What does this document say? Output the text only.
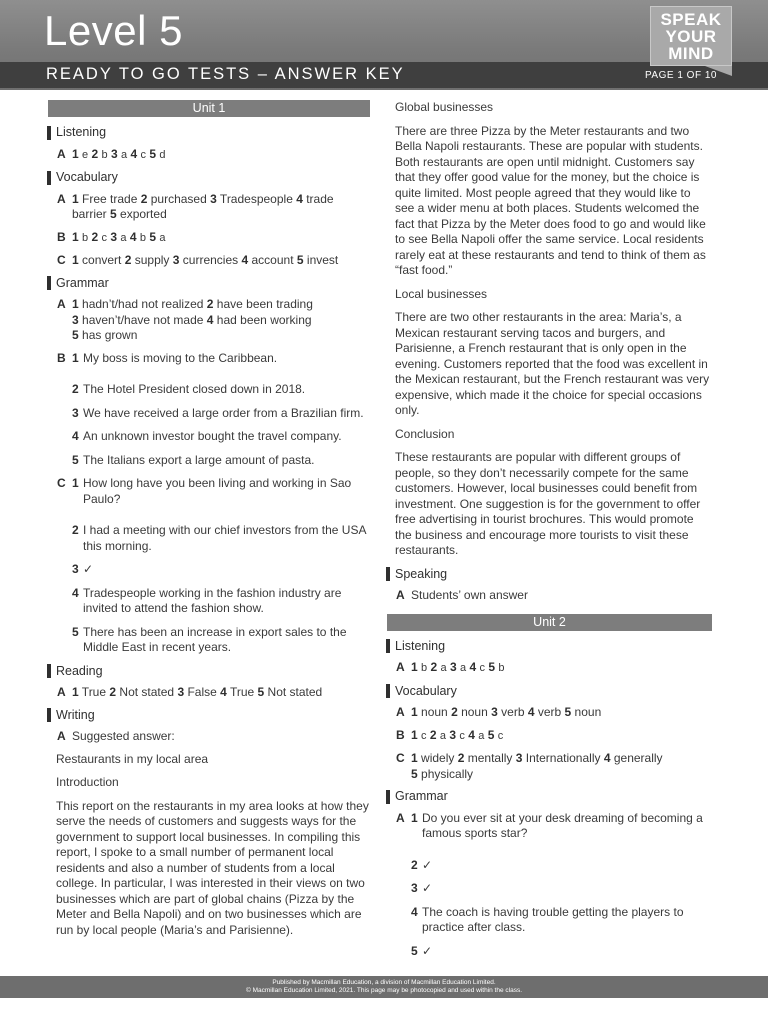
Level 5
READY TO GO TESTS – ANSWER KEY	PAGE 1 OF 10
SPEAK
YOUR
MIND
Unit 1
Listening
A 1 e 2 b 3 a 4 c 5 d
Vocabulary
A 1 Free trade 2 purchased 3 Tradespeople 4 trade
barrier 5 exported
B 1 b 2 c 3 a 4 b 5 a
C 1 convert 2 supply 3 currencies 4 account 5 invest
Grammar
A 1 hadn’t/had not realized 2 have been trading
3 haven’t/have not made 4 had been working
5 has grown
B 1 My boss is moving to the Caribbean.
2 The Hotel President closed down in 2018.
3 We have received a large order from a Brazilian firm.
4 An unknown investor bought the travel company.
5 The Italians export a large amount of pasta.
C 1 How long have you been living and working in Sao Paulo?
2 I had a meeting with our chief investors from the USA this morning.
3 ✓
4 Tradespeople working in the fashion industry are invited to attend the fashion show.
5 There has been an increase in export sales to the Middle East in recent years.
Reading
A 1 True 2 Not stated 3 False 4 True 5 Not stated
Writing
A Suggested answer:
Restaurants in my local area
Introduction
This report on the restaurants in my area looks at how they serve the needs of customers and suggests ways for the government to support local businesses. In compiling this report, I spoke to a small number of permanent local residents and also a number of students from a local college. In particular, I was interested in their views on two businesses which are part of global chains (Pizza by the Meter and Bella Napoli) and on two businesses which are run by local people (Maria’s and Parisienne).
Global businesses
There are three Pizza by the Meter restaurants and two Bella Napoli restaurants. These are popular with students. Both restaurants are open until midnight. Customers say that they offer good value for the money, but the choice is quite limited. Most people agreed that they would like to see a wider menu at both places. Students welcomed the fact that Pizza by the Meter does food to go and would like to see Bella Napoli offer the same service. Local residents rarely eat at these restaurants and tend to think of them as “fast food.”
Local businesses
There are two other restaurants in the area: Maria’s, a Mexican restaurant serving tacos and burgers, and Parisienne, a French restaurant that is only open in the evening. Customers reported that the food was excellent in the Mexican restaurant, but the French restaurant was very expensive, which made it the choice for special occasions only.
Conclusion
These restaurants are popular with different groups of people, so they don’t necessarily compete for the same customers. However, local businesses could benefit from investment. One suggestion is for the government to offer free advertising in tourist brochures. This would promote the business and encourage more tourists to visit these restaurants.
Speaking
A Students’ own answer
Unit 2
Listening
A 1 b 2 a 3 a 4 c 5 b
Vocabulary
A 1 noun 2 noun 3 verb 4 verb 5 noun
B 1 c 2 a 3 c 4 a 5 c
C 1 widely 2 mentally 3 Internationally 4 generally
5 physically
Grammar
A 1 Do you ever sit at your desk dreaming of becoming a famous sports star?
2 ✓
3 ✓
4 The coach is having trouble getting the players to practice after class.
5 ✓
Published by Macmillan Education, a division of Macmillan Education Limited.
© Macmillan Education Limited, 2021. This page may be photocopied and used within the class.
